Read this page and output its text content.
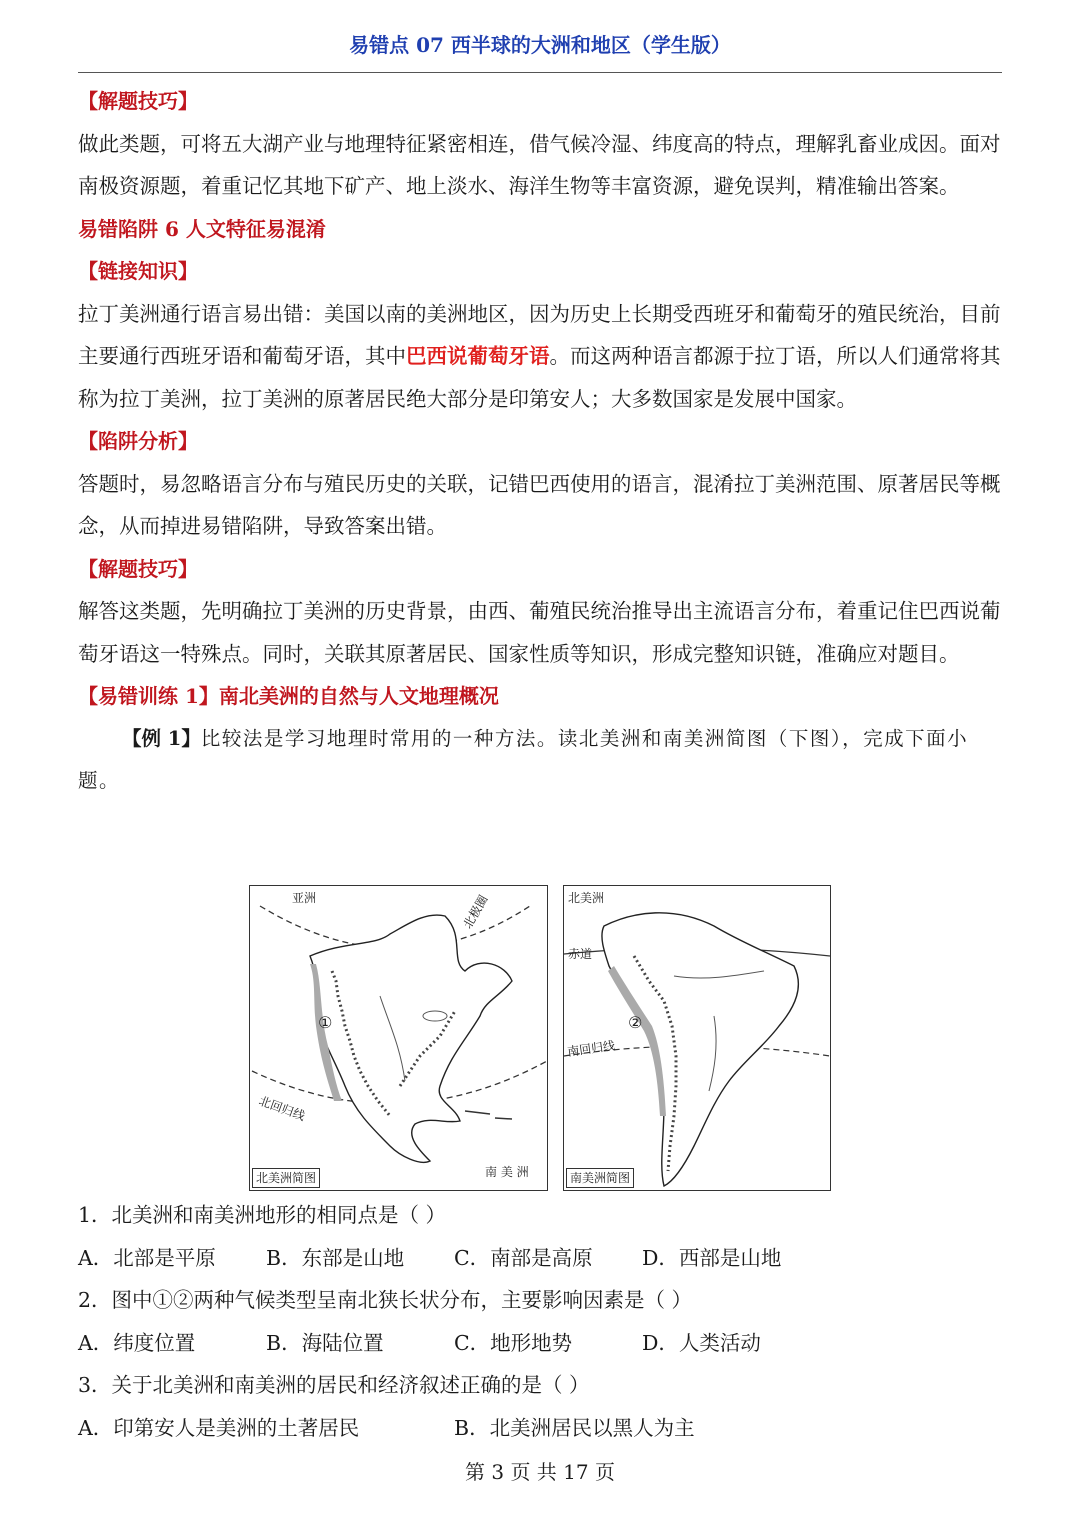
易错点 07 西半球的大洲和地区（学生版）

【解题技巧】

做此类题，可将五大湖产业与地理特征紧密相连，借气候冷湿、纬度高的特点，理解乳畜业成因。面对南极资源题，着重记忆其地下矿产、地上淡水、海洋生物等丰富资源，避免误判，精准输出答案。

易错陷阱 6 人文特征易混淆

【链接知识】

拉丁美洲通行语言易出错：美国以南的美洲地区，因为历史上长期受西班牙和葡萄牙的殖民统治，目前主要通行西班牙语和葡萄牙语，其中巴西说葡萄牙语。而这两种语言都源于拉丁语，所以人们通常将其称为拉丁美洲，拉丁美洲的原著居民绝大部分是印第安人；大多数国家是发展中国家。

【陷阱分析】

答题时，易忽略语言分布与殖民历史的关联，记错巴西使用的语言，混淆拉丁美洲范围、原著居民等概念，从而掉进易错陷阱，导致答案出错。

【解题技巧】

解答这类题，先明确拉丁美洲的历史背景，由西、葡殖民统治推导出主流语言分布，着重记住巴西说葡萄牙语这一特殊点。同时，关联其原著居民、国家性质等知识，形成完整知识链，准确应对题目。

【易错训练 1】南北美洲的自然与人文地理概况

【例 1】比较法是学习地理时常用的一种方法。读北美洲和南美洲简图（下图），完成下面小题。

亚洲	北极圈
北回归线
南 美 洲
①
北美洲简图
北美洲
赤道
南回归线
②
南美洲简图

1．北美洲和南美洲地形的相同点是（ ）

A．北部是平原 B．东部是山地 C．南部是高原 D．西部是山地

2．图中①②两种气候类型呈南北狭长状分布，主要影响因素是（ ）

A．纬度位置	B．海陆位置	C．地形地势	D．人类活动

3．关于北美洲和南美洲的居民和经济叙述正确的是（ ）

A．印第安人是美洲的土著居民	B．北美洲居民以黑人为主

第 3 页 共 17 页
